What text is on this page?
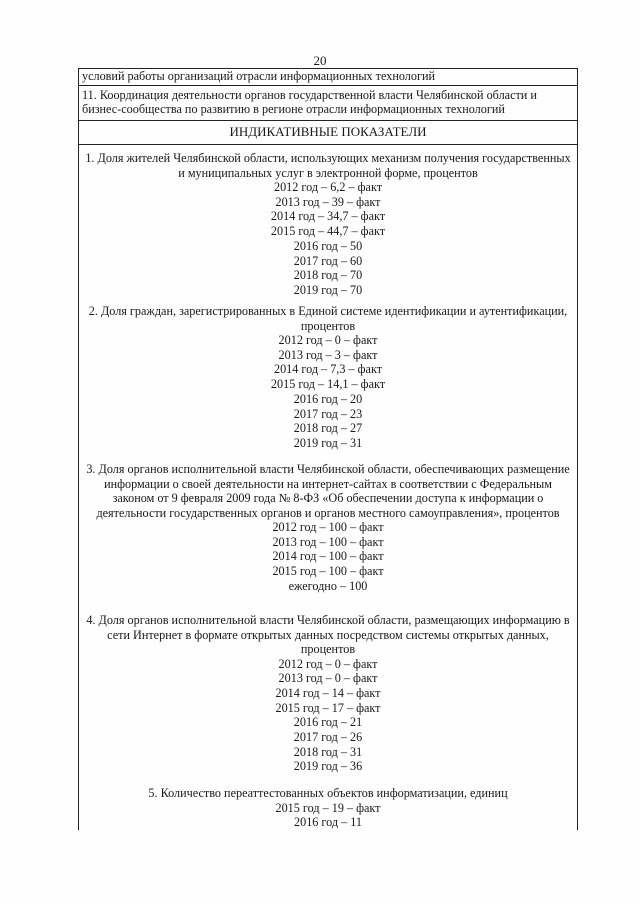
20
условий работы организаций отрасли информационных технологий
11. Координация деятельности органов государственной власти Челябинской области и бизнес-сообщества по развитию в регионе отрасли информационных технологий
ИНДИКАТИВНЫЕ ПОКАЗАТЕЛИ
1. Доля жителей Челябинской области, использующих механизм получения государственных и муниципальных услуг в электронной форме, процентов
2012 год – 6,2 – факт
2013 год – 39 – факт
2014 год – 34,7 – факт
2015 год – 44,7 – факт
2016 год – 50
2017 год – 60
2018 год – 70
2019 год – 70
2. Доля граждан, зарегистрированных в Единой системе идентификации и аутентификации, процентов
2012 год – 0 – факт
2013 год – 3 – факт
2014 год – 7,3 – факт
2015 год – 14,1 – факт
2016 год – 20
2017 год – 23
2018 год – 27
2019 год – 31
3. Доля органов исполнительной власти Челябинской области, обеспечивающих размещение информации о своей деятельности на интернет-сайтах в соответствии с Федеральным законом от 9 февраля 2009 года № 8-ФЗ «Об обеспечении доступа к информации о деятельности государственных органов и органов местного самоуправления», процентов
2012 год – 100 – факт
2013 год – 100 – факт
2014 год – 100 – факт
2015 год – 100 – факт
ежегодно – 100
4. Доля органов исполнительной власти Челябинской области, размещающих информацию в сети Интернет в формате открытых данных посредством системы открытых данных, процентов
2012 год – 0 – факт
2013 год – 0 – факт
2014 год – 14 – факт
2015 год – 17 – факт
2016 год – 21
2017 год – 26
2018 год – 31
2019 год – 36
5. Количество переаттестованных объектов информатизации, единиц
2015 год – 19 – факт
2016 год – 11
